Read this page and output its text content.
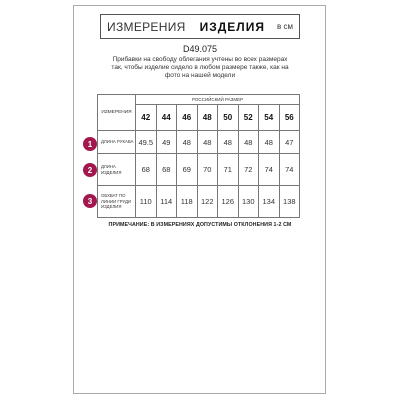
ИЗМЕРЕНИЯ ИЗДЕЛИЯ в см
D49.075
Прибавки на свободу облегания учтены во всех размерах так, чтобы изделие сидело в любом размере также, как на фото на нашей модели
ИЗМЕРЕНИЯ	РОССИЙСКИЙ РАЗМЕР							
	42	44	46	48	50	52	54	56
ДЛИНА РУКАВА	49.5	49	48	48	48	48	48	47
ДЛИНА ИЗДЕЛИЯ	68	68	69	70	71	72	74	74
ОБХВАТ ПО ЛИНИИ ГРУДИ ИЗДЕЛИЯ	110	114	118	122	126	130	134	138
1
2
3
ПРИМЕЧАНИЕ: В ИЗМЕРЕНИЯХ ДОПУСТИМЫ ОТКЛОНЕНИЯ 1-2 СМ
